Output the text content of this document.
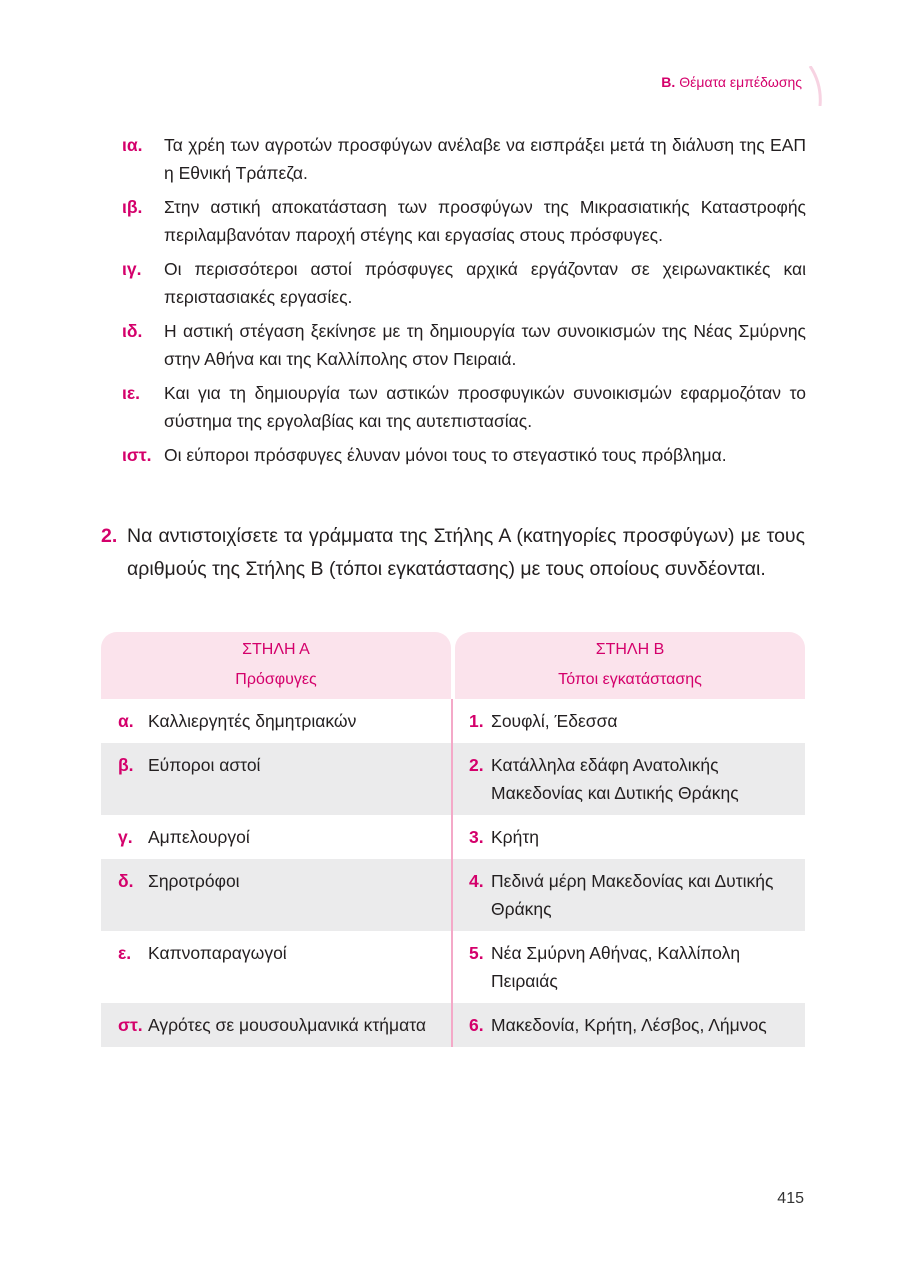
Β. Θέματα εμπέδωσης
ια.	Τα χρέη των αγροτών προσφύγων ανέλαβε να εισπράξει μετά τη διάλυση της ΕΑΠ η Εθνική Τράπεζα.
ιβ.	Στην αστική αποκατάσταση των προσφύγων της Μικρασιατικής Καταστροφής περιλαμβανόταν παροχή στέγης και εργασίας στους πρόσφυγες.
ιγ.	Οι περισσότεροι αστοί πρόσφυγες αρχικά εργάζονταν σε χειρωνακτικές και περιστασιακές εργασίες.
ιδ.	Η αστική στέγαση ξεκίνησε με τη δημιουργία των συνοικισμών της Νέας Σμύρνης στην Αθήνα και της Καλλίπολης στον Πειραιά.
ιε.	Και για τη δημιουργία των αστικών προσφυγικών συνοικισμών εφαρμοζόταν το σύστημα της εργολαβίας και της αυτεπιστασίας.
ιστ. Οι εύποροι πρόσφυγες έλυναν μόνοι τους το στεγαστικό τους πρόβλημα.
2. Να αντιστοιχίσετε τα γράμματα της Στήλης Α (κατηγορίες προσφύγων) με τους αριθμούς της Στήλης Β (τόποι εγκατάστασης) με τους οποίους συνδέονται.
ΣΤΗΛΗ Α
Πρόσφυγες
ΣΤΗΛΗ Β
Τόποι εγκατάστασης
α. Καλλιεργητές δημητριακών	1. Σουφλί, Έδεσσα
β. Εύποροι αστοί	2. Κατάλληλα εδάφη Ανατολικής Μακεδονίας και Δυτικής Θράκης
γ. Αμπελουργοί	3. Κρήτη
δ. Σηροτρόφοι	4. Πεδινά μέρη Μακεδονίας και Δυτικής Θράκης
ε. Καπνοπαραγωγοί	5. Νέα Σμύρνη Αθήνας, Καλλίπολη Πειραιάς
στ. Αγρότες σε μουσουλμανικά κτήματα 6. Μακεδονία, Κρήτη, Λέσβος, Λήμνος
415
